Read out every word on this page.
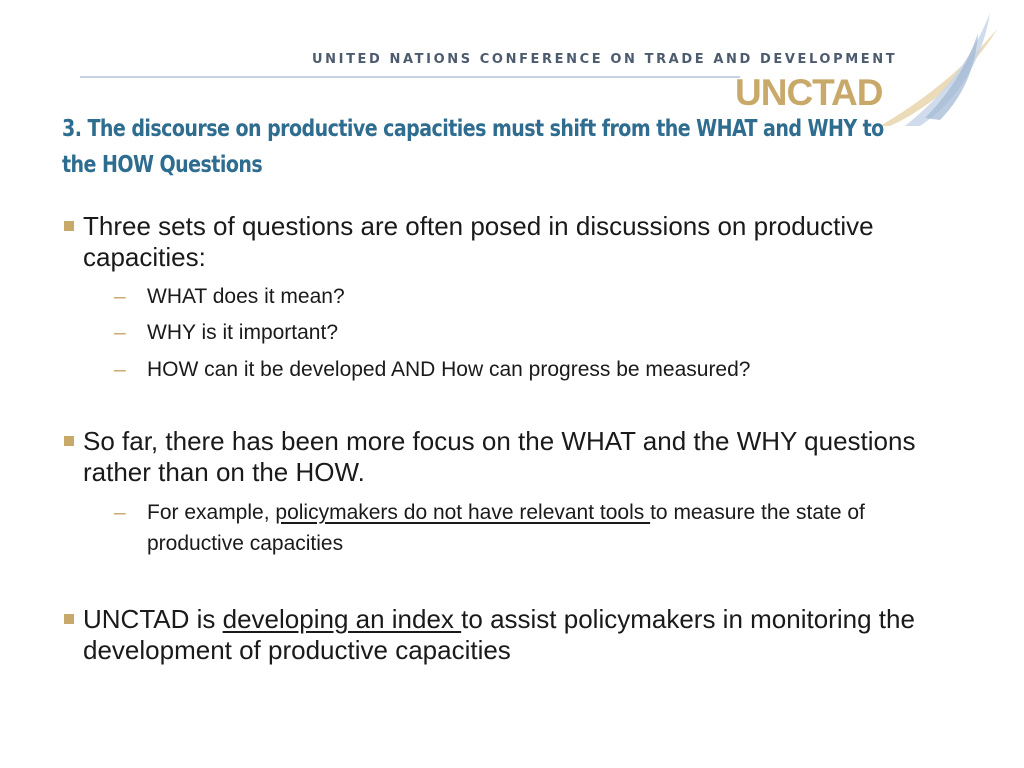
UNITED NATIONS CONFERENCE ON TRADE AND DEVELOPMENT
UNCTAD
3. The discourse on productive capacities must shift from the WHAT and WHY to the HOW Questions
Three sets of questions are often posed in discussions on productive capacities:
– WHAT does it mean?
– WHY is it important?
– HOW can it be developed AND How can progress be measured?
So far, there has been more focus on the WHAT and the WHY questions rather than on the HOW.
– For example, policymakers do not have relevant tools to measure the state of productive capacities
UNCTAD is developing an index to assist policymakers in monitoring the development of productive capacities
